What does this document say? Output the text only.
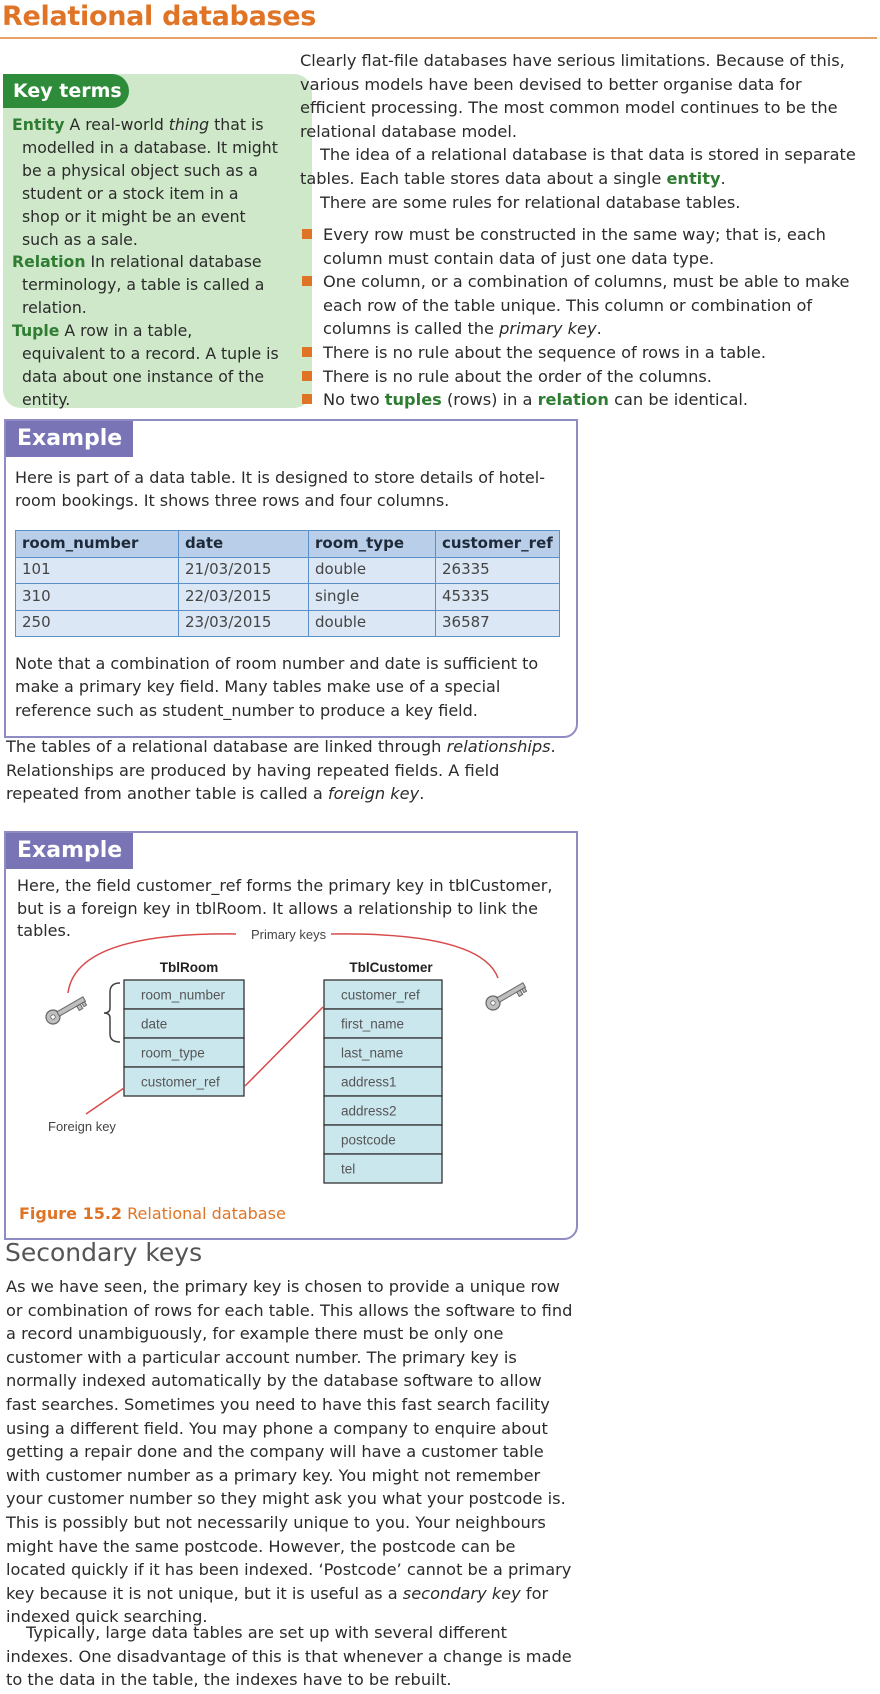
Relational databases
Key terms

Entity A real-world thing that is modelled in a database. It might be a physical object such as a student or a stock item in a shop or it might be an event such as a sale.

Relation In relational database terminology, a table is called a relation.

Tuple A row in a table, equivalent to a record. A tuple is data about one instance of the entity.

Clearly flat-file databases have serious limitations. Because of this, various models have been devised to better organise data for efficient processing. The most common model continues to be the relational database model.

The idea of a relational database is that data is stored in separate tables. Each table stores data about a single entity.

There are some rules for relational database tables.

Every row must be constructed in the same way; that is, each column must contain data of just one data type.
One column, or a combination of columns, must be able to make each row of the table unique. This column or combination of columns is called the primary key.
There is no rule about the sequence of rows in a table.
There is no rule about the order of the columns.
No two tuples (rows) in a relation can be identical.
Example

Here is part of a data table. It is designed to store details of hotel-room bookings. It shows three rows and four columns.

room_number	date	room_type	customer_ref
101	21/03/2015	double	26335
310	22/03/2015	single	45335
250	23/03/2015	double	36587

Note that a combination of room number and date is sufficient to make a primary key field. Many tables make use of a special reference such as student_number to produce a key field.

The tables of a relational database are linked through relationships. Relationships are produced by having repeated fields. A field repeated from another table is called a foreign key.

Example

Here, the field customer_ref forms the primary key in tblCustomer, but is a foreign key in tblRoom. It allows a relationship to link the tables.	Primary keys
TblRoom	TblCustomer
room_number
date
room_type
customer_ref
customer_ref
first_name
last_name
address1
address2
postcode
tel
Foreign key

Figure 15.2 Relational database

Secondary keys

As we have seen, the primary key is chosen to provide a unique row or combination of rows for each table. This allows the software to find a record unambiguously, for example there must be only one customer with a particular account number. The primary key is normally indexed automatically by the database software to allow fast searches. Sometimes you need to have this fast search facility using a different field. You may phone a company to enquire about getting a repair done and the company will have a customer table with customer number as a primary key. You might not remember your customer number so they might ask you what your postcode is. This is possibly but not necessarily unique to you. Your neighbours might have the same postcode. However, the postcode can be located quickly if it has been indexed. ‘Postcode’ cannot be a primary key because it is not unique, but it is useful as a secondary key for indexed quick searching.

Typically, large data tables are set up with several different indexes. One disadvantage of this is that whenever a change is made to the data in the table, the indexes have to be rebuilt.
